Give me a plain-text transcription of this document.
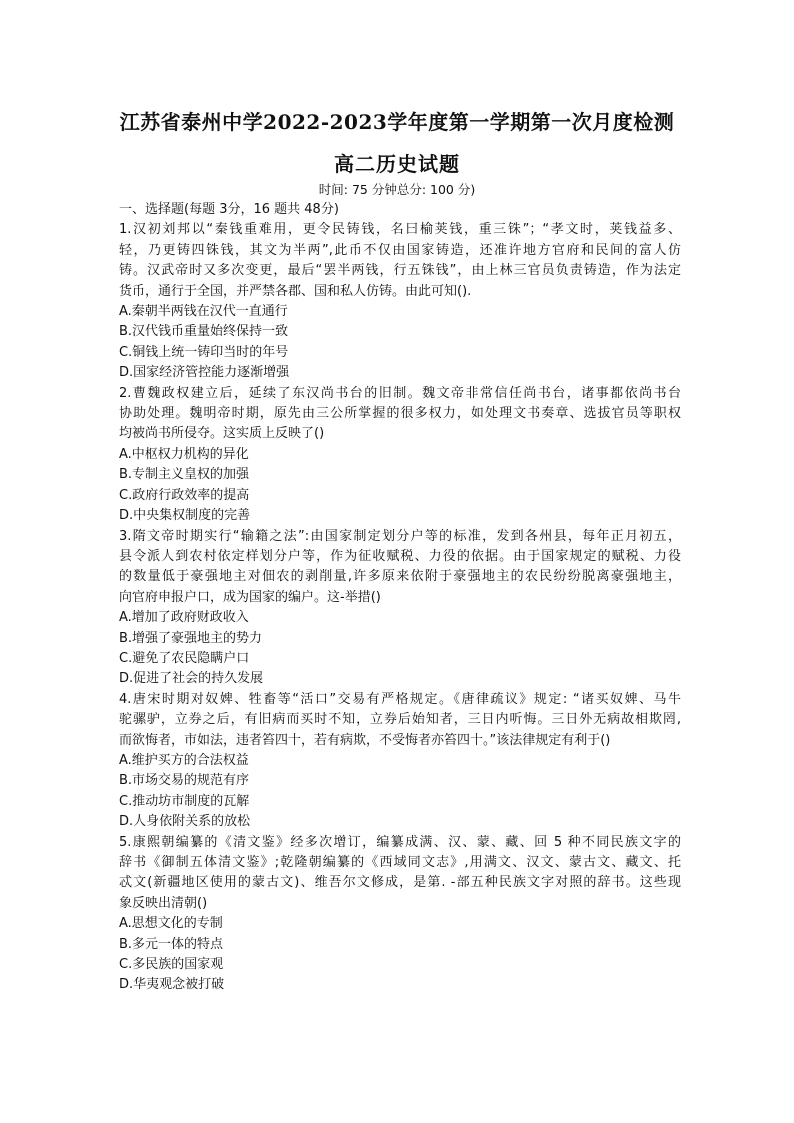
江苏省泰州中学2022-2023学年度第一学期第一次月度检测
高二历史试题
时间: 75 分钟总分: 100 分)
一、选择题(每题 3分，16 题共 48分)
1.汉初刘邦以“秦钱重难用，更令民铸钱，名曰榆荚钱，重三铢”；“孝文时，荚钱益多、
轻，乃更铸四铢钱，其文为半两”,此币不仅由国家铸造，还准许地方官府和民间的富人仿
铸。汉武帝时又多次变更，最后“罢半两钱，行五铢钱”，由上林三官员负责铸造，作为法定
货币，通行于全国，并严禁各郡、国和私人仿铸。由此可知().
A.秦朝半两钱在汉代一直通行
B.汉代钱币重量始终保持一致
C.铜钱上统一铸印当时的年号
D.国家经济管控能力逐渐增强
2.曹魏政权建立后，延续了东汉尚书台的旧制。魏文帝非常信任尚书台，诸事都依尚书台
协助处理。魏明帝时期，原先由三公所掌握的很多权力，如处理文书奏章、选拔官员等职权
均被尚书所侵夺。这实质上反映了()
A.中枢权力机构的异化
B.专制主义皇权的加强
C.政府行政效率的提高
D.中央集权制度的完善
3.隋文帝时期实行“输籍之法”:由国家制定划分户等的标准，发到各州县，每年正月初五，
县令派人到农村依定样划分户等，作为征收赋税、力役的依据。由于国家规定的赋税、力役
的数量低于豪强地主对佃农的剥削量,许多原来依附于豪强地主的农民纷纷脱离豪强地主，
向官府申报户口，成为国家的编户。这-举措()
A.增加了政府财政收入
B.增强了豪强地主的势力
C.避免了农民隐瞒户口
D.促进了社会的持久发展
4.唐宋时期对奴婢、牲畜等“活口”交易有严格规定。《唐律疏议》规定: “诸买奴婢、马牛
驼骡驴，立券之后，有旧病而买时不知，立券后始知者，三日内听悔。三日外无病故相欺罔,
而欲悔者，市如法，违者笞四十，若有病欺，不受悔者亦笞四十。”该法律规定有利于()
A.维护买方的合法权益
B.市场交易的规范有序
C.推动坊市制度的瓦解
D.人身依附关系的放松
5.康熙朝编纂的《清文鉴》经多次增订，编纂成满、汉、蒙、藏、回 5 种不同民族文字的
辞书《御制五体清文鉴》;乾隆朝编纂的《西域同文志》,用满文、汉文、蒙古文、藏文、托
忒文(新疆地区使用的蒙古文)、维吾尔文修成，是第. -部五种民族文字对照的辞书。这些现
象反映出清朝()
A.思想文化的专制
B.多元一体的特点
C.多民族的国家观
D.华夷观念被打破
